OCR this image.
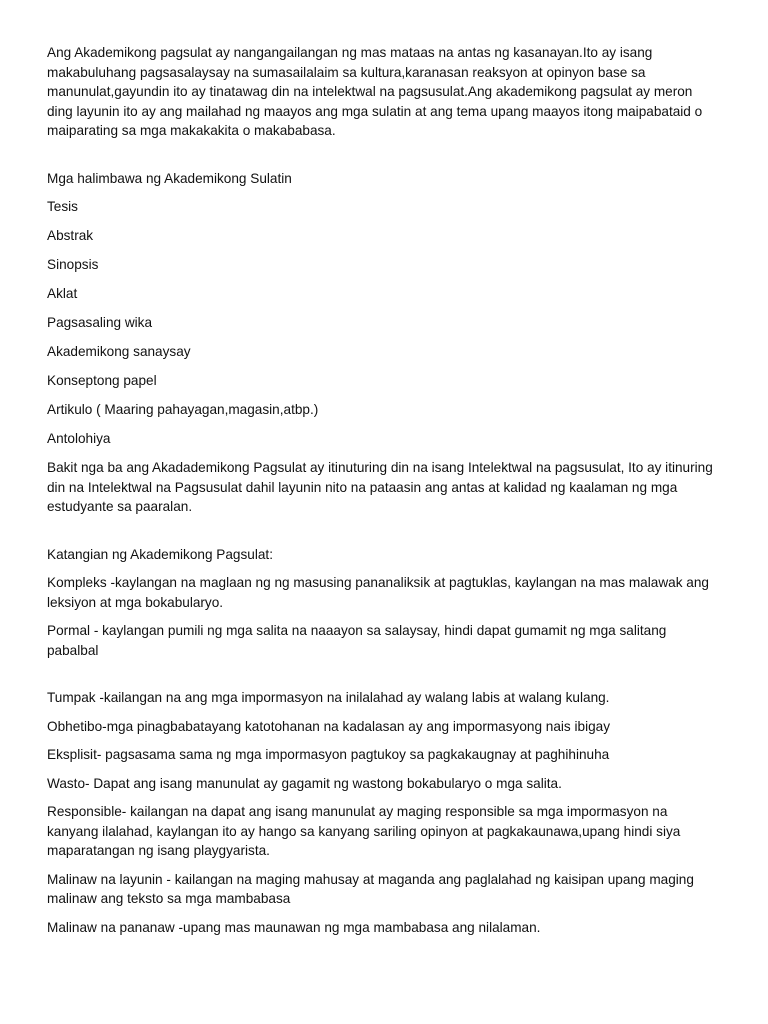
Ang Akademikong pagsulat ay nangangailangan ng mas mataas na antas ng kasanayan.Ito ay isang makabuluhang pagsasalaysay na sumasailalaim sa kultura,karanasan reaksyon at opinyon base sa manunulat,gayundin ito ay tinatawag din na intelektwal na pagsusulat.Ang akademikong pagsulat ay meron ding layunin ito ay ang mailahad ng maayos ang mga sulatin at ang tema upang maayos itong maipabataid o maiparating sa mga makakakita o makababasa.

Mga halimbawa ng Akademikong Sulatin

Tesis

Abstrak

Sinopsis

Aklat

Pagsasaling wika

Akademikong sanaysay

Konseptong papel

Artikulo ( Maaring pahayagan,magasin,atbp.)

Antolohiya

Bakit nga ba ang Akadademikong Pagsulat ay itinuturing din na isang Intelektwal na pagsusulat, Ito ay itinuring din na Intelektwal na Pagsusulat dahil layunin nito na pataasin ang antas at kalidad ng kaalaman ng mga estudyante sa paaralan.

Katangian ng Akademikong Pagsulat:

Kompleks -kaylangan na maglaan ng ng masusing pananaliksik at pagtuklas, kaylangan na mas malawak ang leksiyon at mga bokabularyo.

Pormal - kaylangan pumili ng mga salita na naaayon sa salaysay, hindi dapat gumamit ng mga salitang pabalbal

Tumpak -kailangan na ang mga impormasyon na inilalahad ay walang labis at walang kulang.

Obhetibo-mga pinagbabatayang katotohanan na kadalasan ay ang impormasyong nais ibigay

Eksplisit- pagsasama sama ng mga impormasyon pagtukoy sa pagkakaugnay at paghihinuha

Wasto- Dapat ang isang manunulat ay gagamit ng wastong bokabularyo o mga salita.

Responsible- kailangan na dapat ang isang manunulat ay maging responsible sa mga impormasyon na kanyang ilalahad, kaylangan ito ay hango sa kanyang sariling opinyon at pagkakaunawa,upang hindi siya maparatangan ng isang playgyarista.

Malinaw na layunin - kailangan na maging mahusay at maganda ang paglalahad ng kaisipan upang maging malinaw ang teksto sa mga mambabasa

Malinaw na pananaw -upang mas maunawan ng mga mambabasa ang nilalaman.
